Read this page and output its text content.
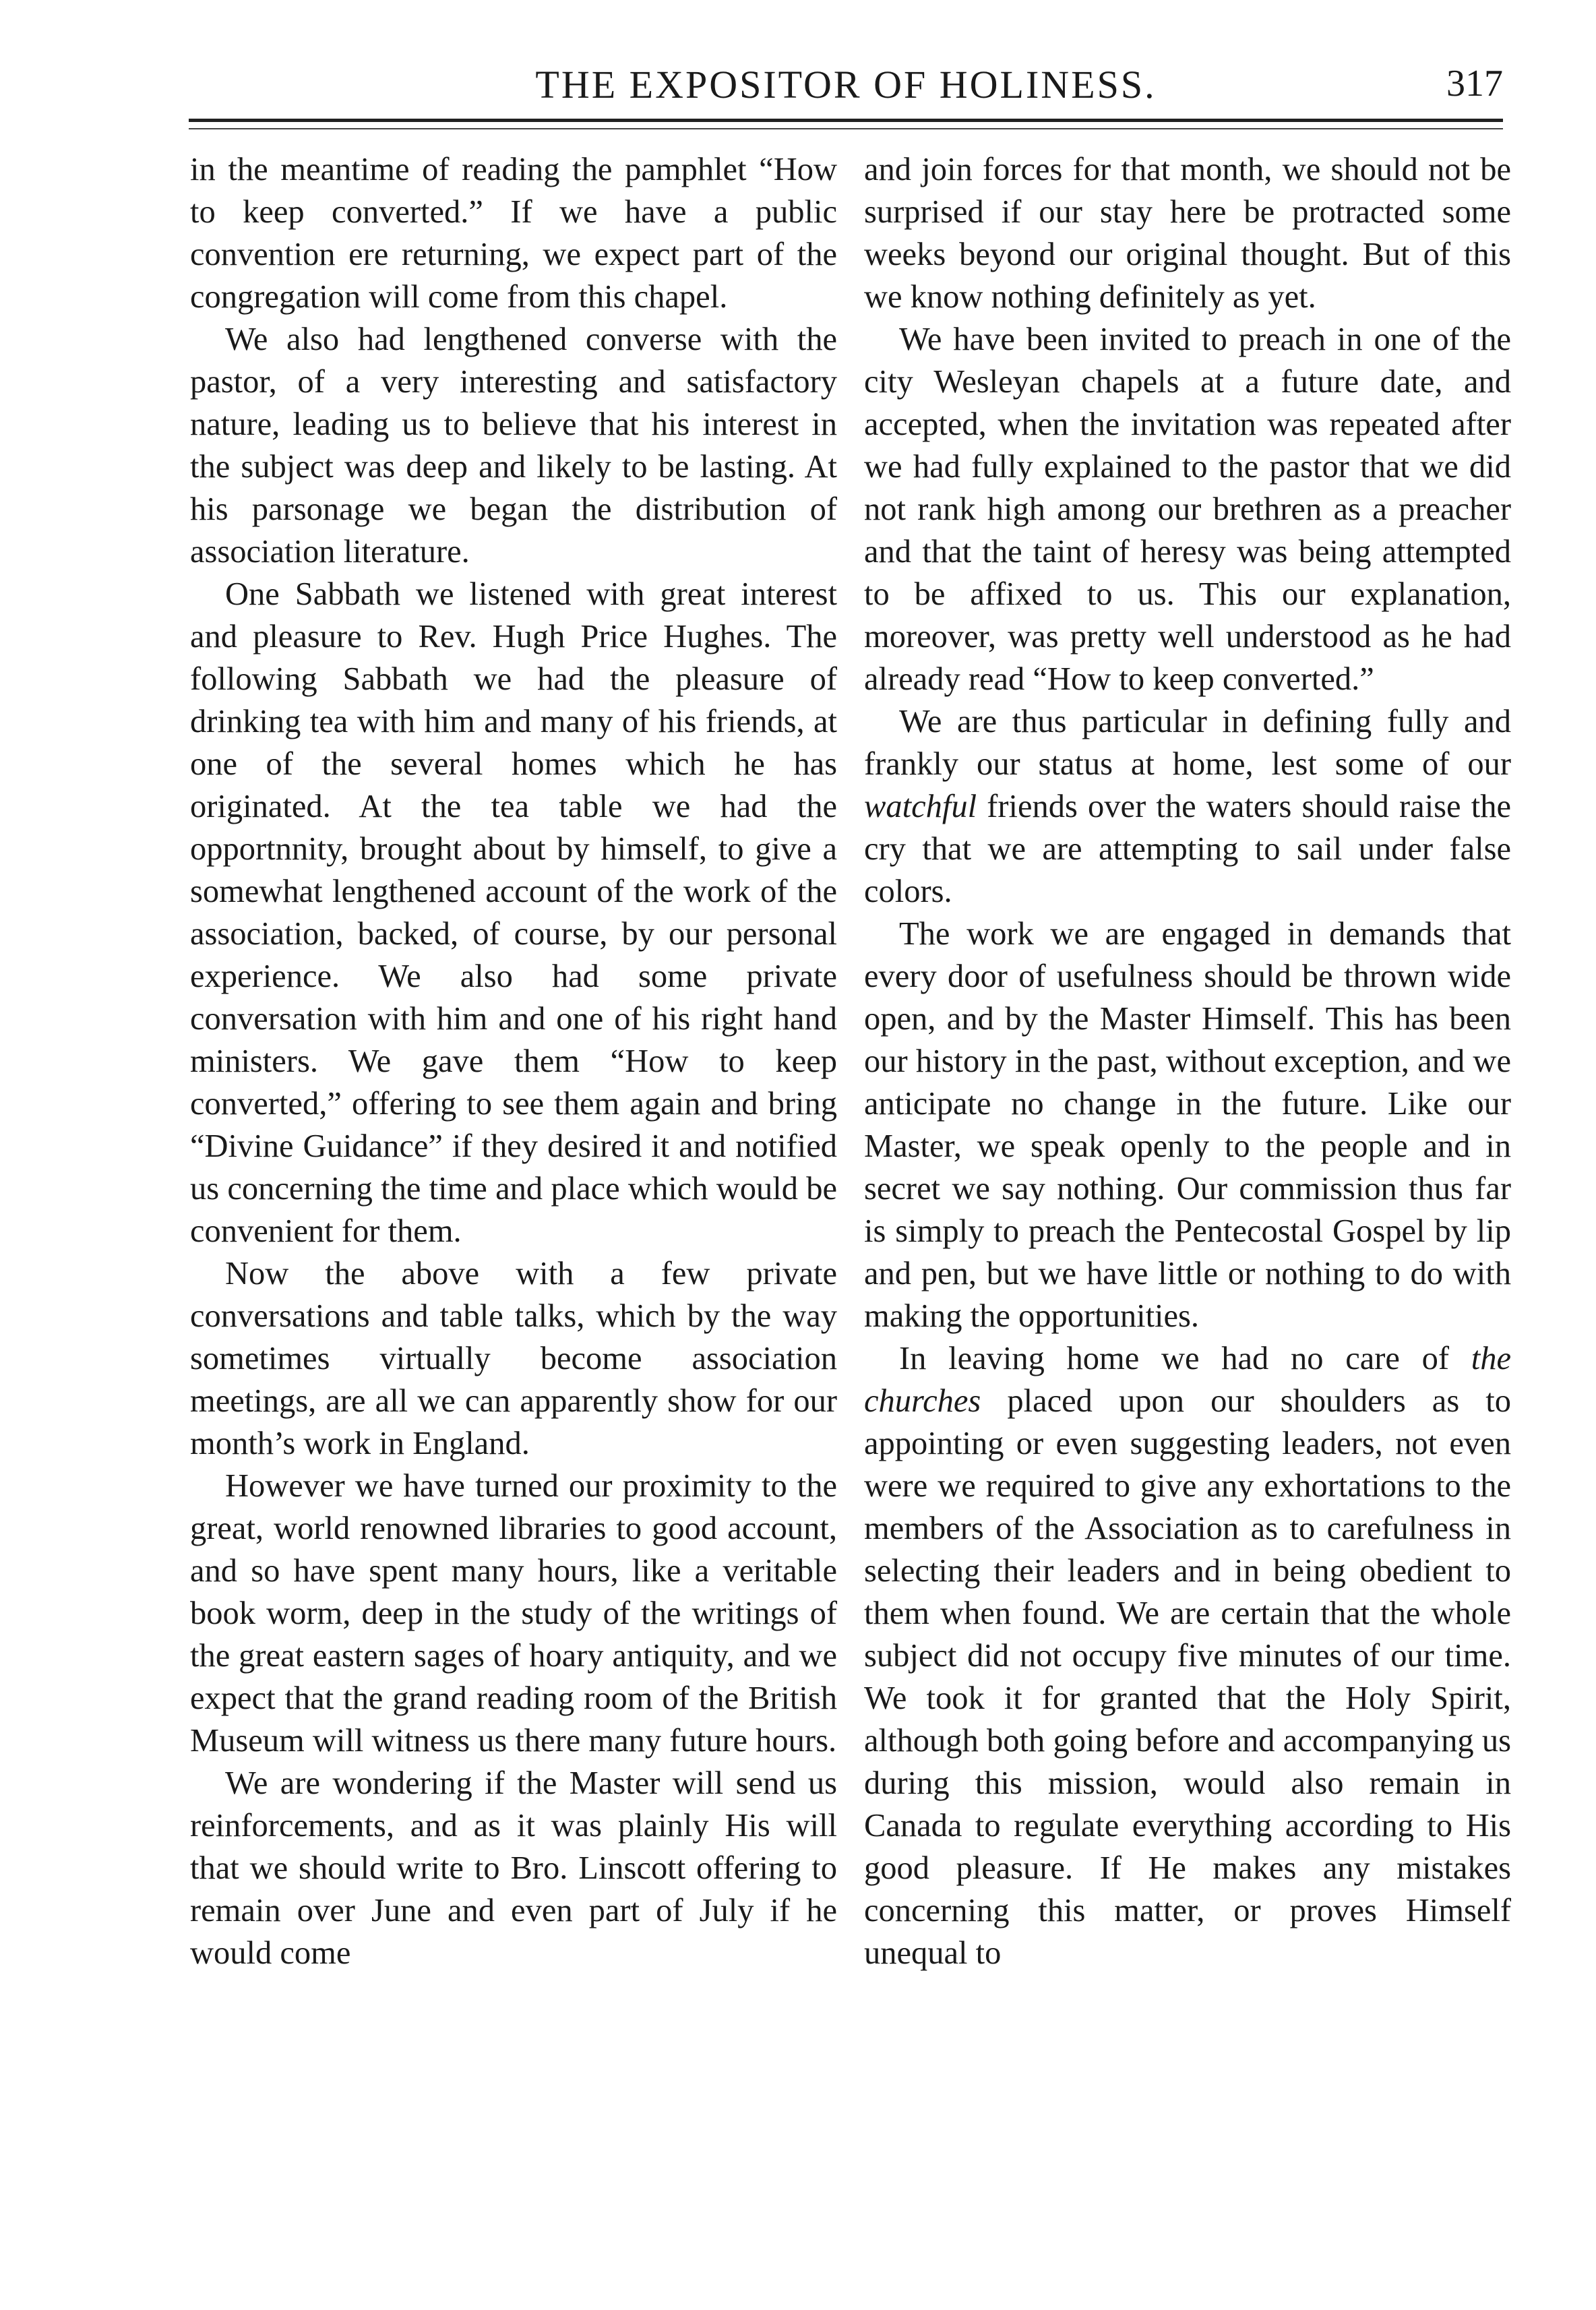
THE EXPOSITOR OF HOLINESS.	317

in the meantime of reading the pamphlet “How to keep converted.” If we have a public convention ere returning, we expect part of the congregation will come from this chapel.

We also had lengthened converse with the pastor, of a very interesting and satisfactory nature, leading us to believe that his interest in the subject was deep and likely to be lasting. At his parsonage we began the distribution of association literature.

One Sabbath we listened with great interest and pleasure to Rev. Hugh Price Hughes. The following Sabbath we had the pleasure of drinking tea with him and many of his friends, at one of the several homes which he has originated. At the tea table we had the opportnnity, brought about by himself, to give a somewhat lengthened account of the work of the association, backed, of course, by our personal experience. We also had some private conversation with him and one of his right hand ministers. We gave them “How to keep converted,” offering to see them again and bring “Divine Guidance” if they desired it and notified us concerning the time and place which would be convenient for them.

Now the above with a few private conversations and table talks, which by the way sometimes virtually become association meetings, are all we can apparently show for our month’s work in England.

However we have turned our proximity to the great, world renowned libraries to good account, and so have spent many hours, like a veritable book worm, deep in the study of the writings of the great eastern sages of hoary antiquity, and we expect that the grand reading room of the British Museum will witness us there many future hours.

We are wondering if the Master will send us reinforcements, and as it was plainly His will that we should write to Bro. Linscott offering to remain over June and even part of July if he would come

and join forces for that month, we should not be surprised if our stay here be protracted some weeks beyond our original thought. But of this we know nothing definitely as yet.

We have been invited to preach in one of the city Wesleyan chapels at a future date, and accepted, when the invitation was repeated after we had fully explained to the pastor that we did not rank high among our brethren as a preacher and that the taint of heresy was being attempted to be affixed to us. This our explanation, moreover, was pretty well understood as he had already read “How to keep converted.”

We are thus particular in defining fully and frankly our status at home, lest some of our watchful friends over the waters should raise the cry that we are attempting to sail under false colors.

The work we are engaged in demands that every door of usefulness should be thrown wide open, and by the Master Himself. This has been our history in the past, without exception, and we anticipate no change in the future. Like our Master, we speak openly to the people and in secret we say nothing. Our commission thus far is simply to preach the Pentecostal Gospel by lip and pen, but we have little or nothing to do with making the opportunities.

In leaving home we had no care of the churches placed upon our shoulders as to appointing or even suggesting leaders, not even were we required to give any exhortations to the members of the Association as to carefulness in selecting their leaders and in being obedient to them when found. We are certain that the whole subject did not occupy five minutes of our time. We took it for granted that the Holy Spirit, although both going before and accompanying us during this mission, would also remain in Canada to regulate everything according to His good pleasure. If He makes any mistakes concerning this matter, or proves Himself unequal to
